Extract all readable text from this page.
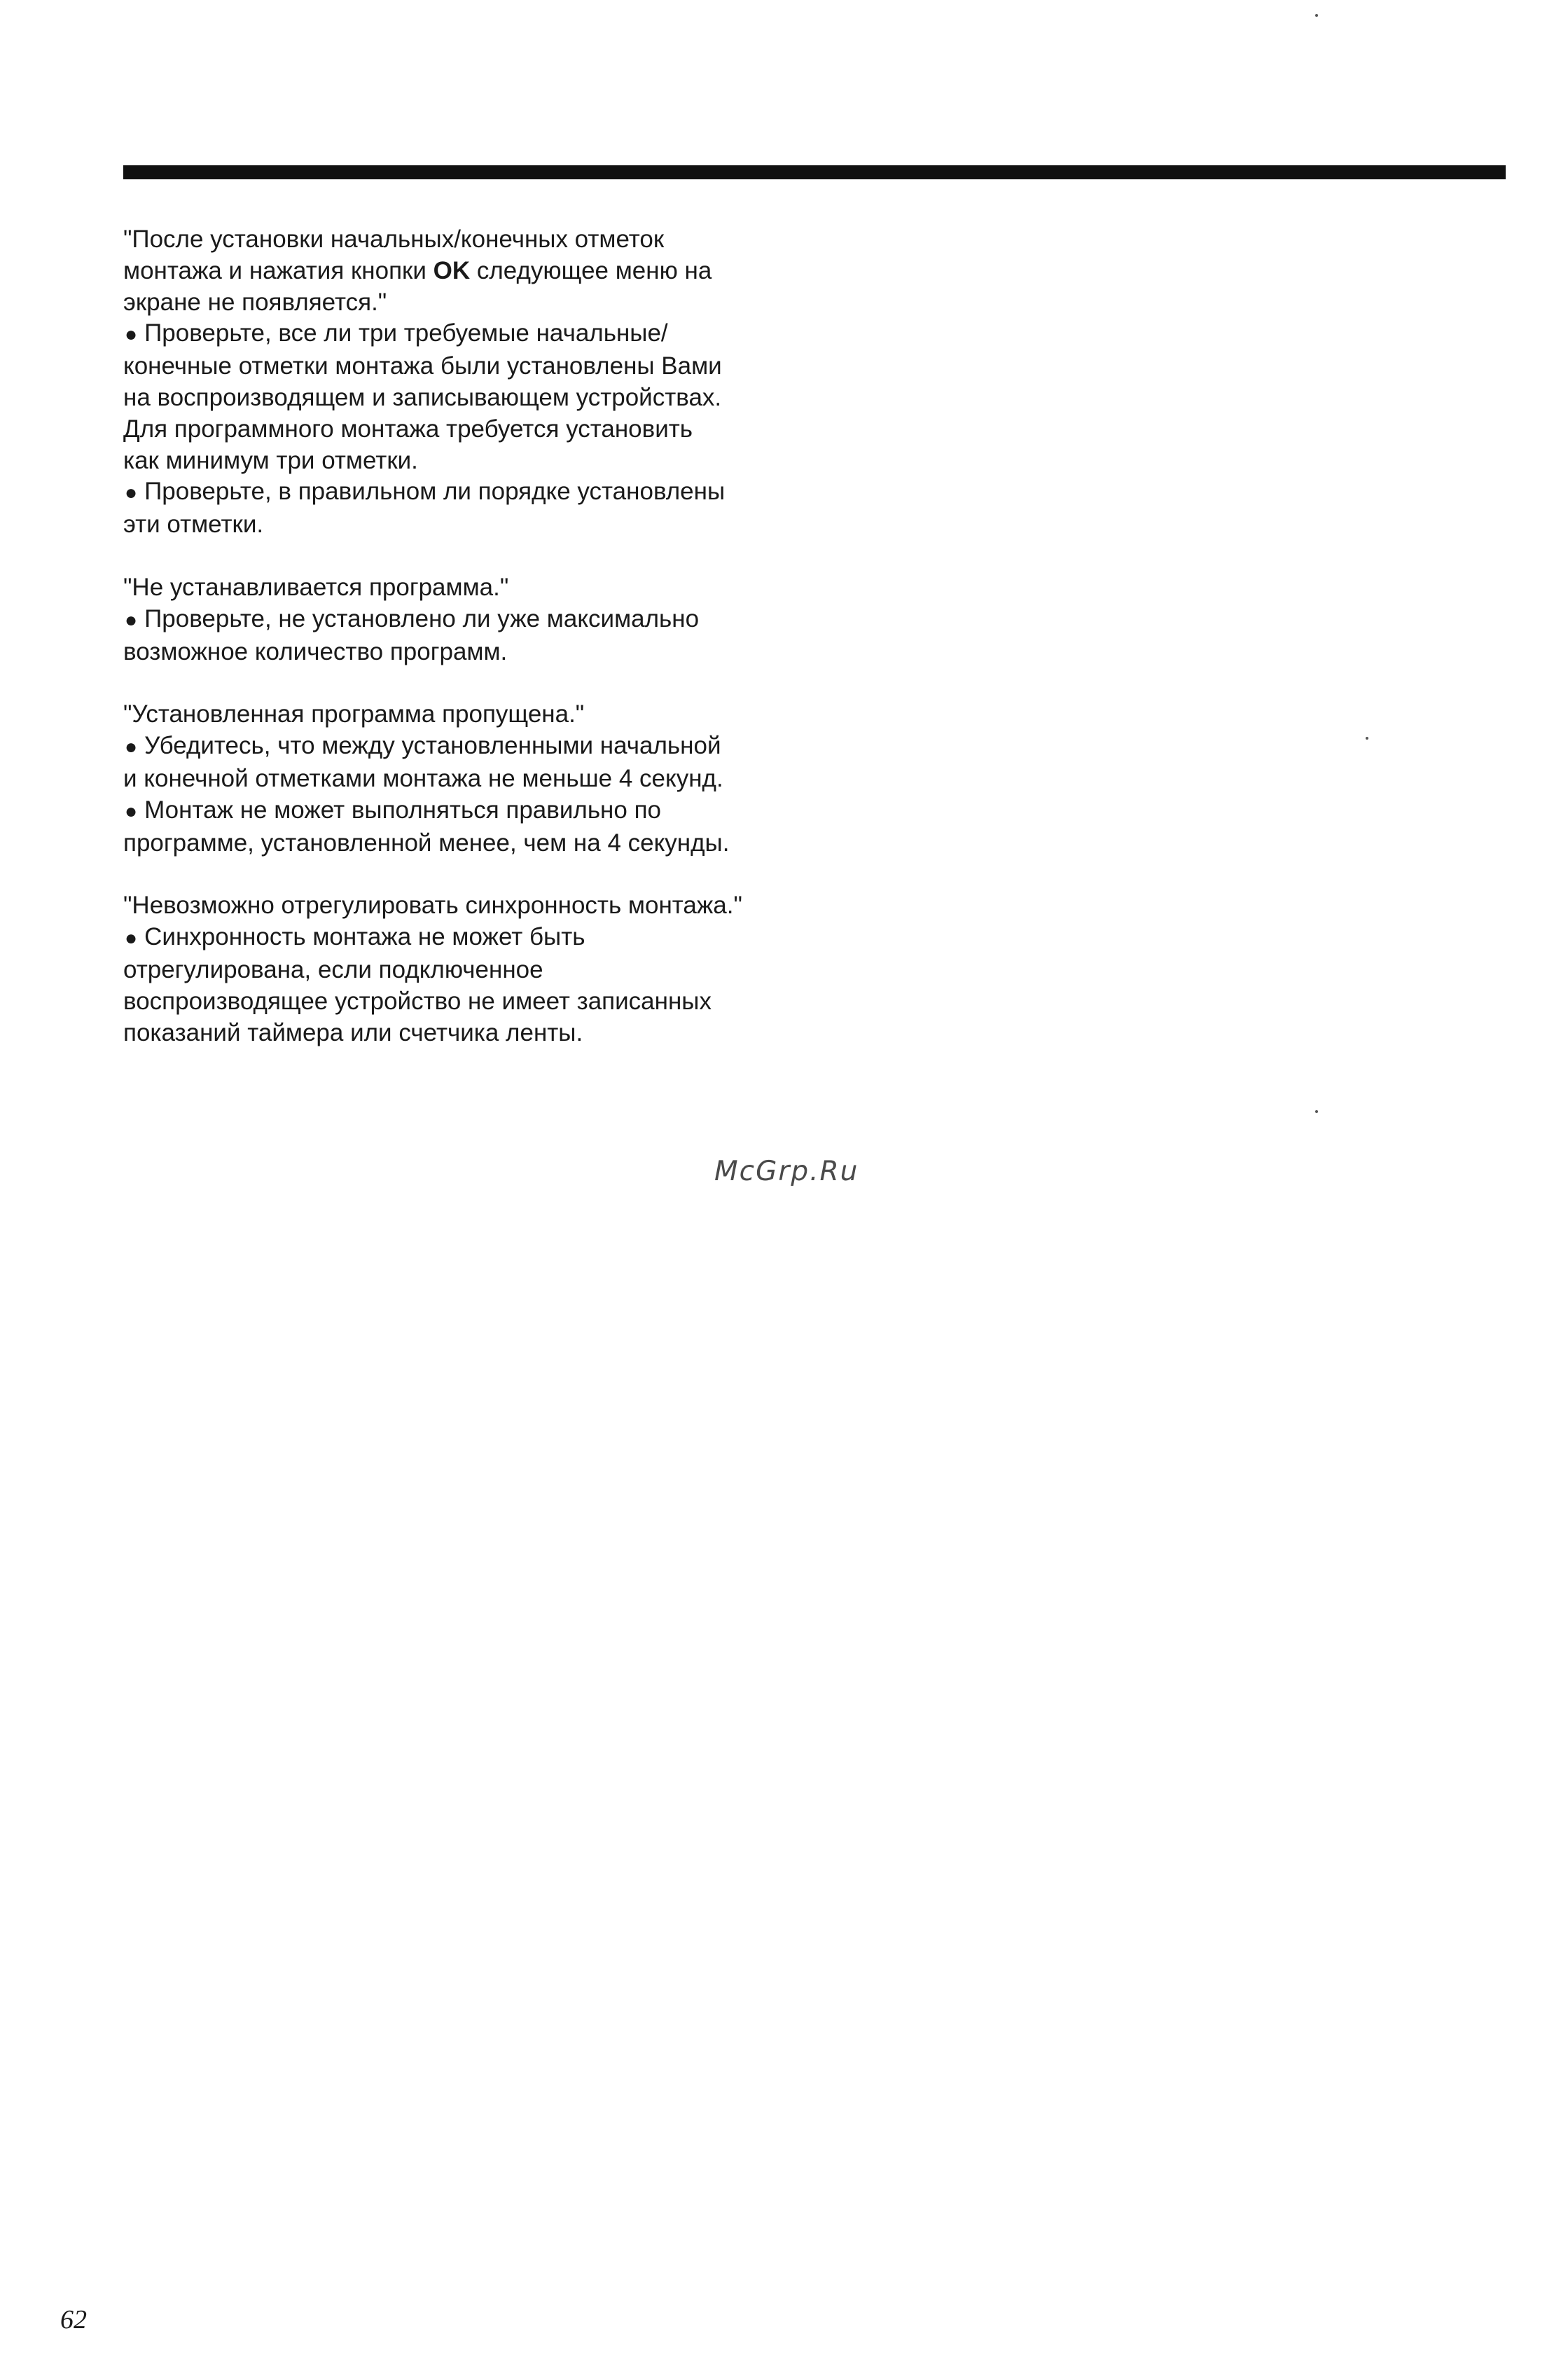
"После установки начальных/конечных отметок
монтажа и нажатия кнопки OK следующее меню на
экране не появляется."

● Проверьте, все ли три требуемые начальные/
конечные отметки монтажа были установлены Вами
на воспроизводящем и записывающем устройствах.
Для программного монтажа требуется установить
как минимум три отметки.

● Проверьте, в правильном ли порядке установлены
эти отметки.

"Не устанавливается программа."

● Проверьте, не установлено ли уже максимально
возможное количество программ.

"Установленная программа пропущена."

● Убедитесь, что между установленными начальной
и конечной отметками монтажа не меньше 4 секунд.

● Монтаж не может выполняться правильно по
программе, установленной менее, чем на 4 секунды.

"Невозможно отрегулировать синхронность монтажа."

● Синхронность монтажа не может быть
отрегулирована, если подключенное
воспроизводящее устройство не имеет записанных
показаний таймера или счетчика ленты.

McGrp.Ru
62
